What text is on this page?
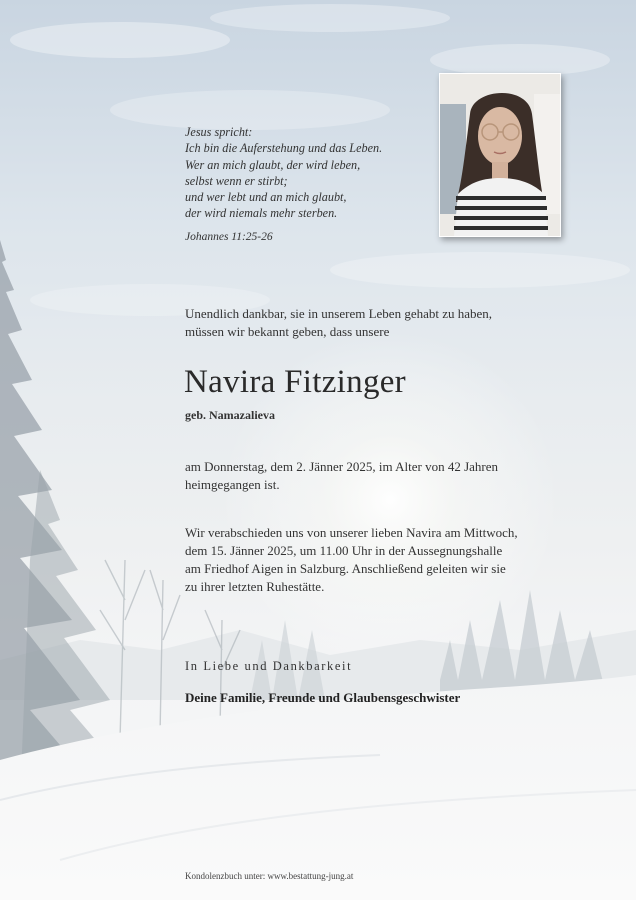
Jesus spricht:
Ich bin die Auferstehung und das Leben.
Wer an mich glaubt, der wird leben,
selbst wenn er stirbt;
und wer lebt und an mich glaubt,
der wird niemals mehr sterben.
Johannes 11:25-26
Unendlich dankbar, sie in unserem Leben gehabt zu haben,
müssen wir bekannt geben, dass unsere
Navira Fitzinger
geb. Namazalieva
am Donnerstag, dem 2. Jänner 2025, im Alter von 42 Jahren
heimgegangen ist.
Wir verabschieden uns von unserer lieben Navira am Mittwoch,
dem 15. Jänner 2025, um 11.00 Uhr in der Aussegnungshalle
am Friedhof Aigen in Salzburg. Anschließend geleiten wir sie
zu ihrer letzten Ruhestätte.
In Liebe und Dankbarkeit
Deine Familie, Freunde und Glaubensgeschwister
Kondolenzbuch unter: www.bestattung-jung.at
